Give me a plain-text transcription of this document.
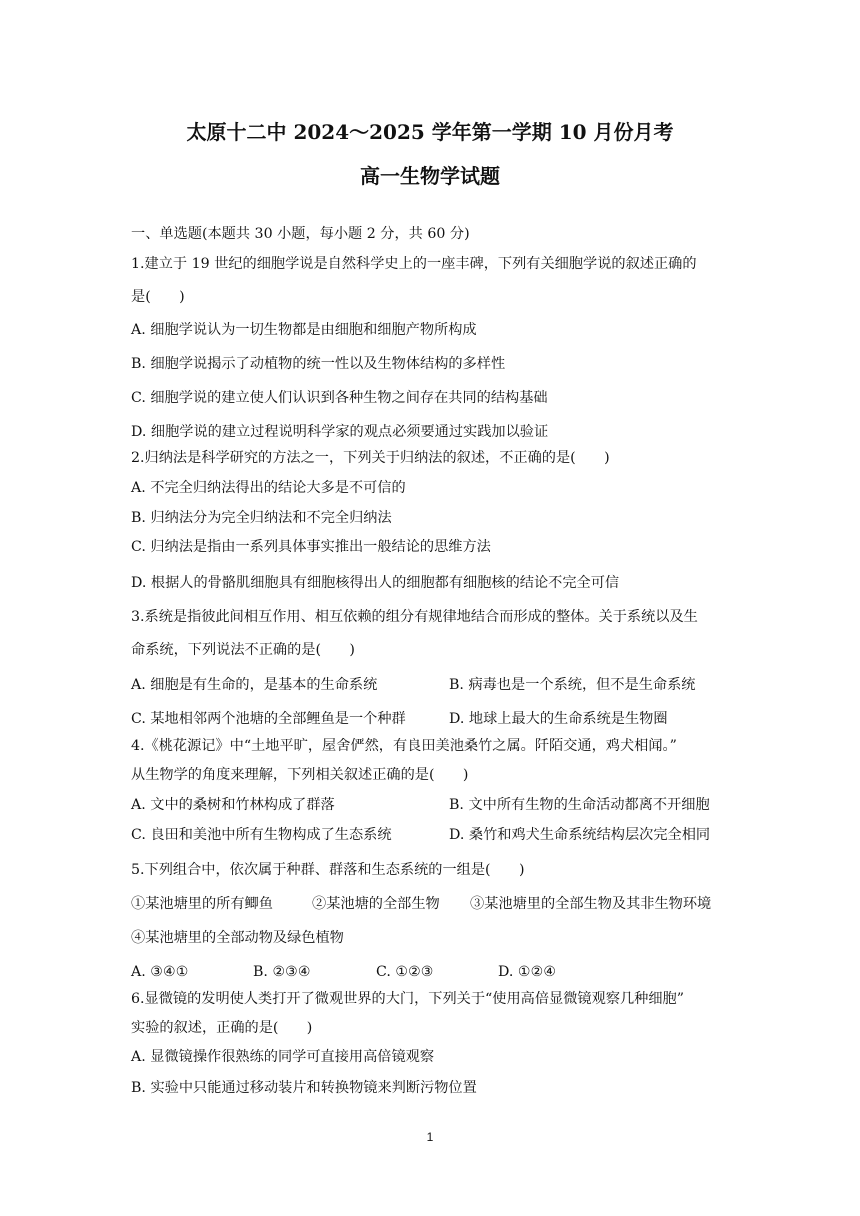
太原十二中 2024～2025 学年第一学期 10 月份月考
高一生物学试题
一、单选题(本题共 30 小题，每小题 2 分，共 60 分)
1.建立于 19 世纪的细胞学说是自然科学史上的一座丰碑，下列有关细胞学说的叙述正确的
是(　　)
A. 细胞学说认为一切生物都是由细胞和细胞产物所构成
B. 细胞学说揭示了动植物的统一性以及生物体结构的多样性
C. 细胞学说的建立使人们认识到各种生物之间存在共同的结构基础
D. 细胞学说的建立过程说明科学家的观点必须要通过实践加以验证
2.归纳法是科学研究的方法之一，下列关于归纳法的叙述，不正确的是(　　)
A. 不完全归纳法得出的结论大多是不可信的
B. 归纳法分为完全归纳法和不完全归纳法
C. 归纳法是指由一系列具体事实推出一般结论的思维方法
D. 根据人的骨骼肌细胞具有细胞核得出人的细胞都有细胞核的结论不完全可信
3.系统是指彼此间相互作用、相互依赖的组分有规律地结合而形成的整体。关于系统以及生
命系统，下列说法不正确的是(　　)
A. 细胞是有生命的，是基本的生命系统	B. 病毒也是一个系统，但不是生命系统
C. 某地相邻两个池塘的全部鲤鱼是一个种群	D. 地球上最大的生命系统是生物圈
4.《桃花源记》中“土地平旷，屋舍俨然，有良田美池桑竹之属。阡陌交通，鸡犬相闻。”
从生物学的角度来理解，下列相关叙述正确的是(　　)
A. 文中的桑树和竹林构成了群落	B. 文中所有生物的生命活动都离不开细胞
C. 良田和美池中所有生物构成了生态系统	D. 桑竹和鸡犬生命系统结构层次完全相同
5.下列组合中，依次属于种群、群落和生态系统的一组是(　　)
①某池塘里的所有鲫鱼	②某池塘的全部生物 ③某池塘里的全部生物及其非生物环境
④某池塘里的全部动物及绿色植物
A. ③④①	B. ②③④	C. ①②③	D. ①②④
6.显微镜的发明使人类打开了微观世界的大门，下列关于“使用高倍显微镜观察几种细胞”
实验的叙述，正确的是(　　)
A. 显微镜操作很熟练的同学可直接用高倍镜观察
B. 实验中只能通过移动装片和转换物镜来判断污物位置
1
